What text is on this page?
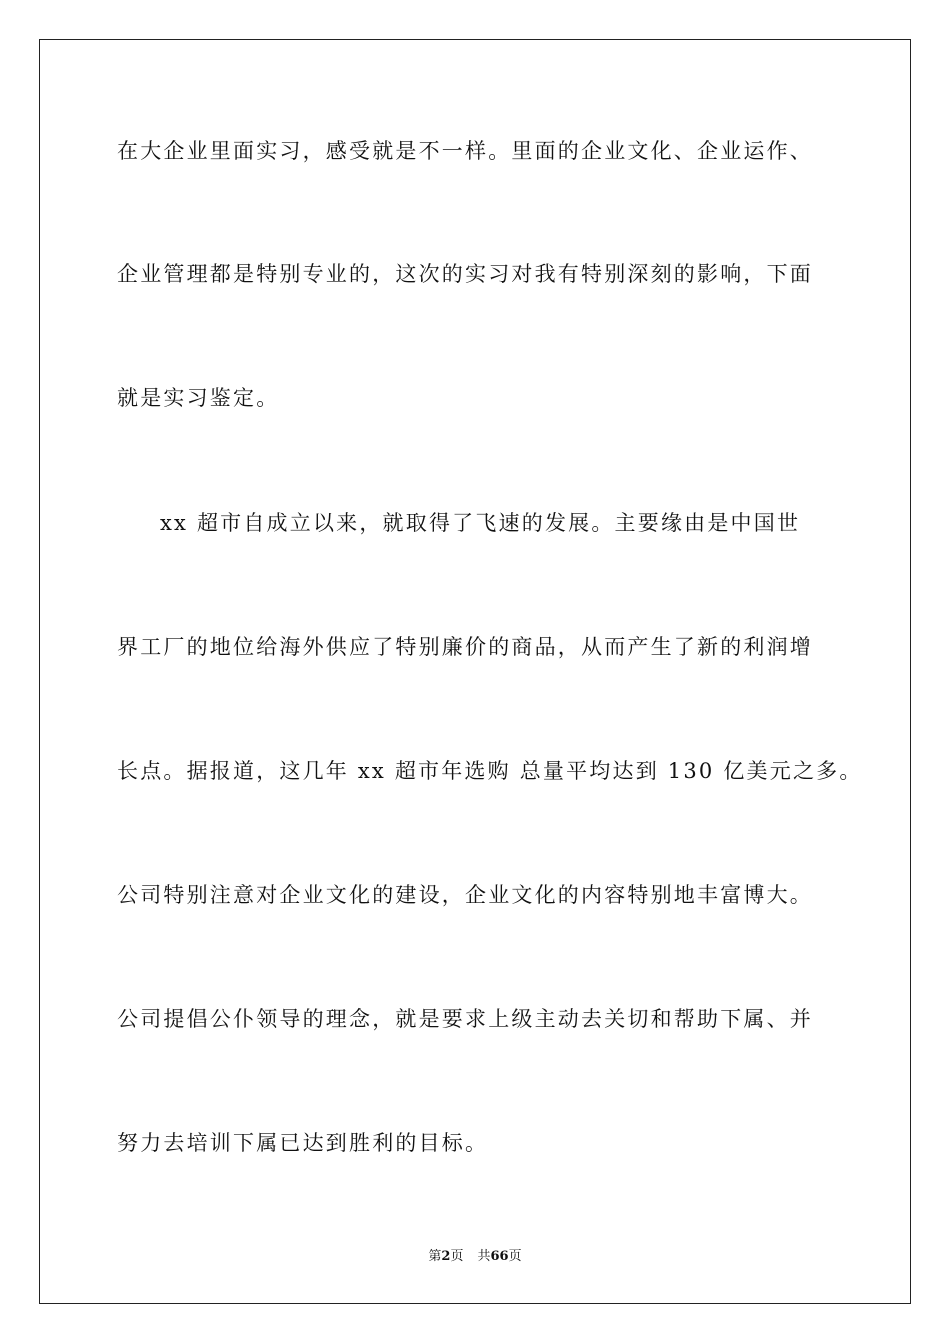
在大企业里面实习，感受就是不一样。里面的企业文化、企业运作、
企业管理都是特别专业的，这次的实习对我有特别深刻的影响，下面
就是实习鉴定。
xx 超市自成立以来，就取得了飞速的发展。主要缘由是中国世
界工厂的地位给海外供应了特别廉价的商品，从而产生了新的利润增
长点。据报道，这几年 xx 超市年选购 总量平均达到 130 亿美元之多。
公司特别注意对企业文化的建设，企业文化的内容特别地丰富博大。
公司提倡公仆领导的理念，就是要求上级主动去关切和帮助下属、并
努力去培训下属已达到胜利的目标。
第2页 共66页
